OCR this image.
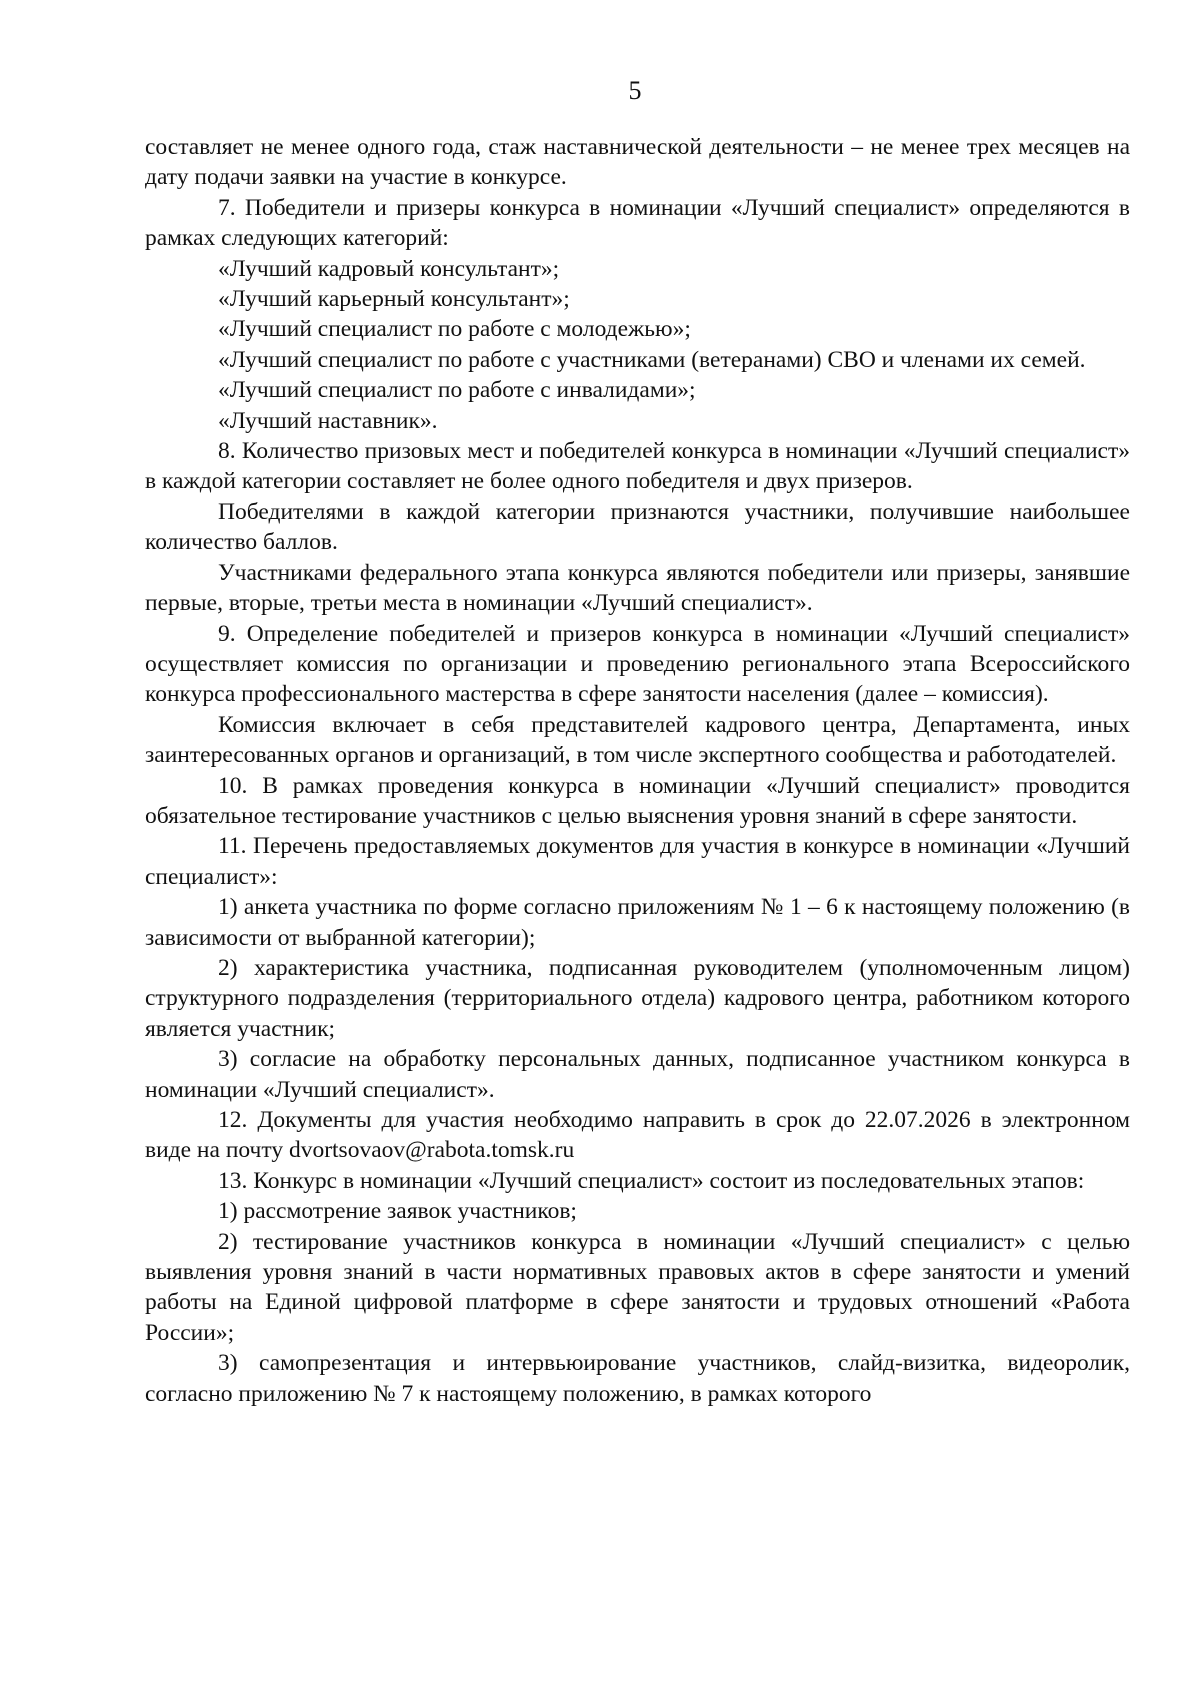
5

составляет не менее одного года, стаж наставнической деятельности – не менее трех месяцев на дату подачи заявки на участие в конкурсе.

7. Победители и призеры конкурса в номинации «Лучший специалист» определяются в рамках следующих категорий:

«Лучший кадровый консультант»;

«Лучший карьерный консультант»;

«Лучший специалист по работе с молодежью»;

«Лучший специалист по работе с участниками (ветеранами) СВО и членами их семей.

«Лучший специалист по работе с инвалидами»;

«Лучший наставник».

8. Количество призовых мест и победителей конкурса в номинации «Лучший специалист» в каждой категории составляет не более одного победителя и двух призеров.

Победителями в каждой категории признаются участники, получившие наибольшее количество баллов.

Участниками федерального этапа конкурса являются победители или призеры, занявшие первые, вторые, третьи места в номинации «Лучший специалист».

9. Определение победителей и призеров конкурса в номинации «Лучший специалист» осуществляет комиссия по организации и проведению регионального этапа Всероссийского конкурса профессионального мастерства в сфере занятости населения (далее – комиссия).

Комиссия включает в себя представителей кадрового центра, Департамента, иных заинтересованных органов и организаций, в том числе экспертного сообщества и работодателей.

10. В рамках проведения конкурса в номинации «Лучший специалист» проводится обязательное тестирование участников с целью выяснения уровня знаний в сфере занятости.

11. Перечень предоставляемых документов для участия в конкурсе в номинации «Лучший специалист»:

1) анкета участника по форме согласно приложениям № 1 – 6 к настоящему положению (в зависимости от выбранной категории);

2) характеристика участника, подписанная руководителем (уполномоченным лицом) структурного подразделения (территориального отдела) кадрового центра, работником которого является участник;

3) согласие на обработку персональных данных, подписанное участником конкурса в номинации «Лучший специалист».

12. Документы для участия необходимо направить в срок до 22.07.2026 в электронном виде на почту dvortsovaov@rabota.tomsk.ru

13. Конкурс в номинации «Лучший специалист» состоит из последовательных этапов:

1) рассмотрение заявок участников;

2) тестирование участников конкурса в номинации «Лучший специалист» с целью выявления уровня знаний в части нормативных правовых актов в сфере занятости и умений работы на Единой цифровой платформе в сфере занятости и трудовых отношений «Работа России»;

3) самопрезентация и интервьюирование участников, слайд-визитка, видеоролик, согласно приложению № 7 к настоящему положению, в рамках которого
